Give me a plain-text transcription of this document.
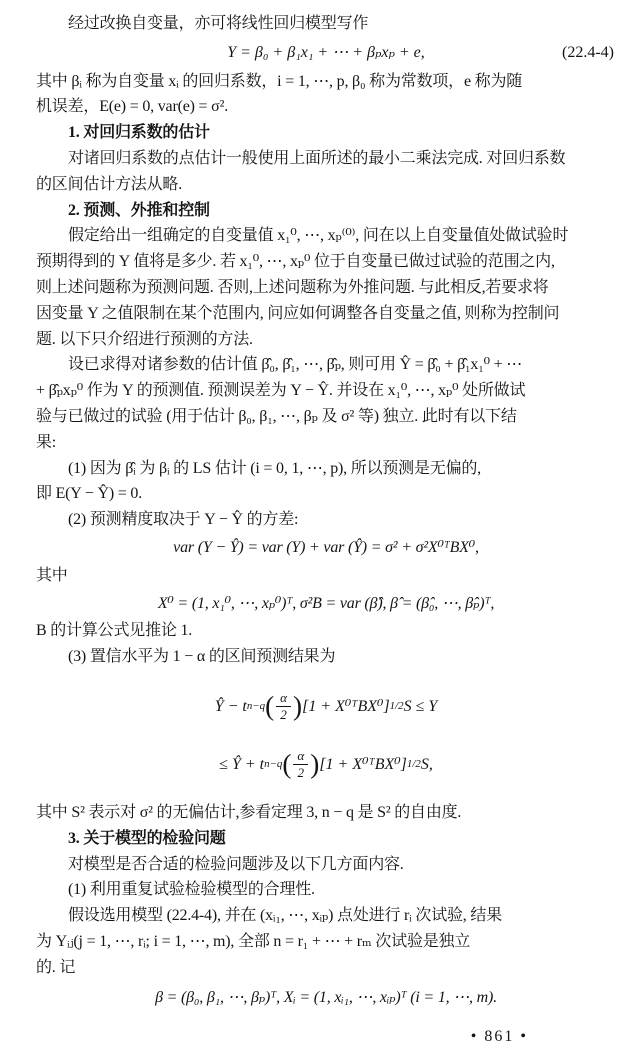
经过改换自变量，亦可将线性回归模型写作

Y = β₀ + β₁x₁ + ⋯ + βₚxₚ + e,	(22.4-4)

其中 βᵢ 称为自变量 xᵢ 的回归系数，i = 1, ⋯, p, β₀ 称为常数项，e 称为随

机误差，E(e) = 0, var(e) = σ².

1. 对回归系数的估计

对诸回归系数的点估计一般使用上面所述的最小二乘法完成. 对回归系数

的区间估计方法从略.

2. 预测、外推和控制

假定给出一组确定的自变量值 x₁⁰, ⋯, xₚ⁽⁰⁾, 问在以上自变量值处做试验时

预期得到的 Y 值将是多少. 若 x₁⁰, ⋯, xₚ⁰ 位于自变量已做过试验的范围之内,

则上述问题称为预测问题. 否则,上述问题称为外推问题. 与此相反,若要求将

因变量 Y 之值限制在某个范围内, 问应如何调整各自变量之值, 则称为控制问

题. 以下只介绍进行预测的方法.

设已求得对诸参数的估计值 β̂₀, β̂₁, ⋯, β̂ₚ, 则可用 Ŷ = β̂₀ + β̂₁x₁⁰ + ⋯

+ β̂ₚxₚ⁰ 作为 Y 的预测值. 预测误差为 Y − Ŷ. 并设在 x₁⁰, ⋯, xₚ⁰ 处所做试

验与已做过的试验 (用于估计 β₀, β₁, ⋯, βₚ 及 σ² 等) 独立. 此时有以下结

果:

(1) 因为 β̂ᵢ 为 βᵢ 的 LS 估计 (i = 0, 1, ⋯, p), 所以预测是无偏的,

即 E(Y − Ŷ) = 0.

(2) 预测精度取决于 Y − Ŷ 的方差:

var (Y − Ŷ) = var (Y) + var (Ŷ) = σ² + σ²X⁰ᵀBX⁰,

其中

X⁰ = (1, x₁⁰, ⋯, xₚ⁰)ᵀ, σ²B = var (β̂), β̂ = (β̂₀, ⋯, β̂ₚ)ᵀ,

B 的计算公式见推论 1.

(3) 置信水平为 1 − α 的区间预测结果为

Ŷ − t n−q ( $\frac{\alpha}{2}$ ) [1 + X⁰ᵀBX⁰] 1/2 S ≤ Y
≤ Ŷ + t n−q ( $\frac{\alpha}{2}$ ) [1 + X⁰ᵀBX⁰] 1/2 S,

其中 S² 表示对 σ² 的无偏估计,参看定理 3, n − q 是 S² 的自由度.

3. 关于模型的检验问题

对模型是否合适的检验问题涉及以下几方面内容.

(1) 利用重复试验检验模型的合理性.

假设选用模型 (22.4-4), 并在 (xᵢ₁, ⋯, xᵢₚ) 点处进行 rᵢ 次试验, 结果

为 Yᵢⱼ(j = 1, ⋯, rᵢ; i = 1, ⋯, m), 全部 n = r₁ + ⋯ + rₘ 次试验是独立

的. 记

β = (β₀, β₁, ⋯, βₚ)ᵀ, Xᵢ = (1, xᵢ₁, ⋯, xᵢₚ)ᵀ (i = 1, ⋯, m).

• 861 •
